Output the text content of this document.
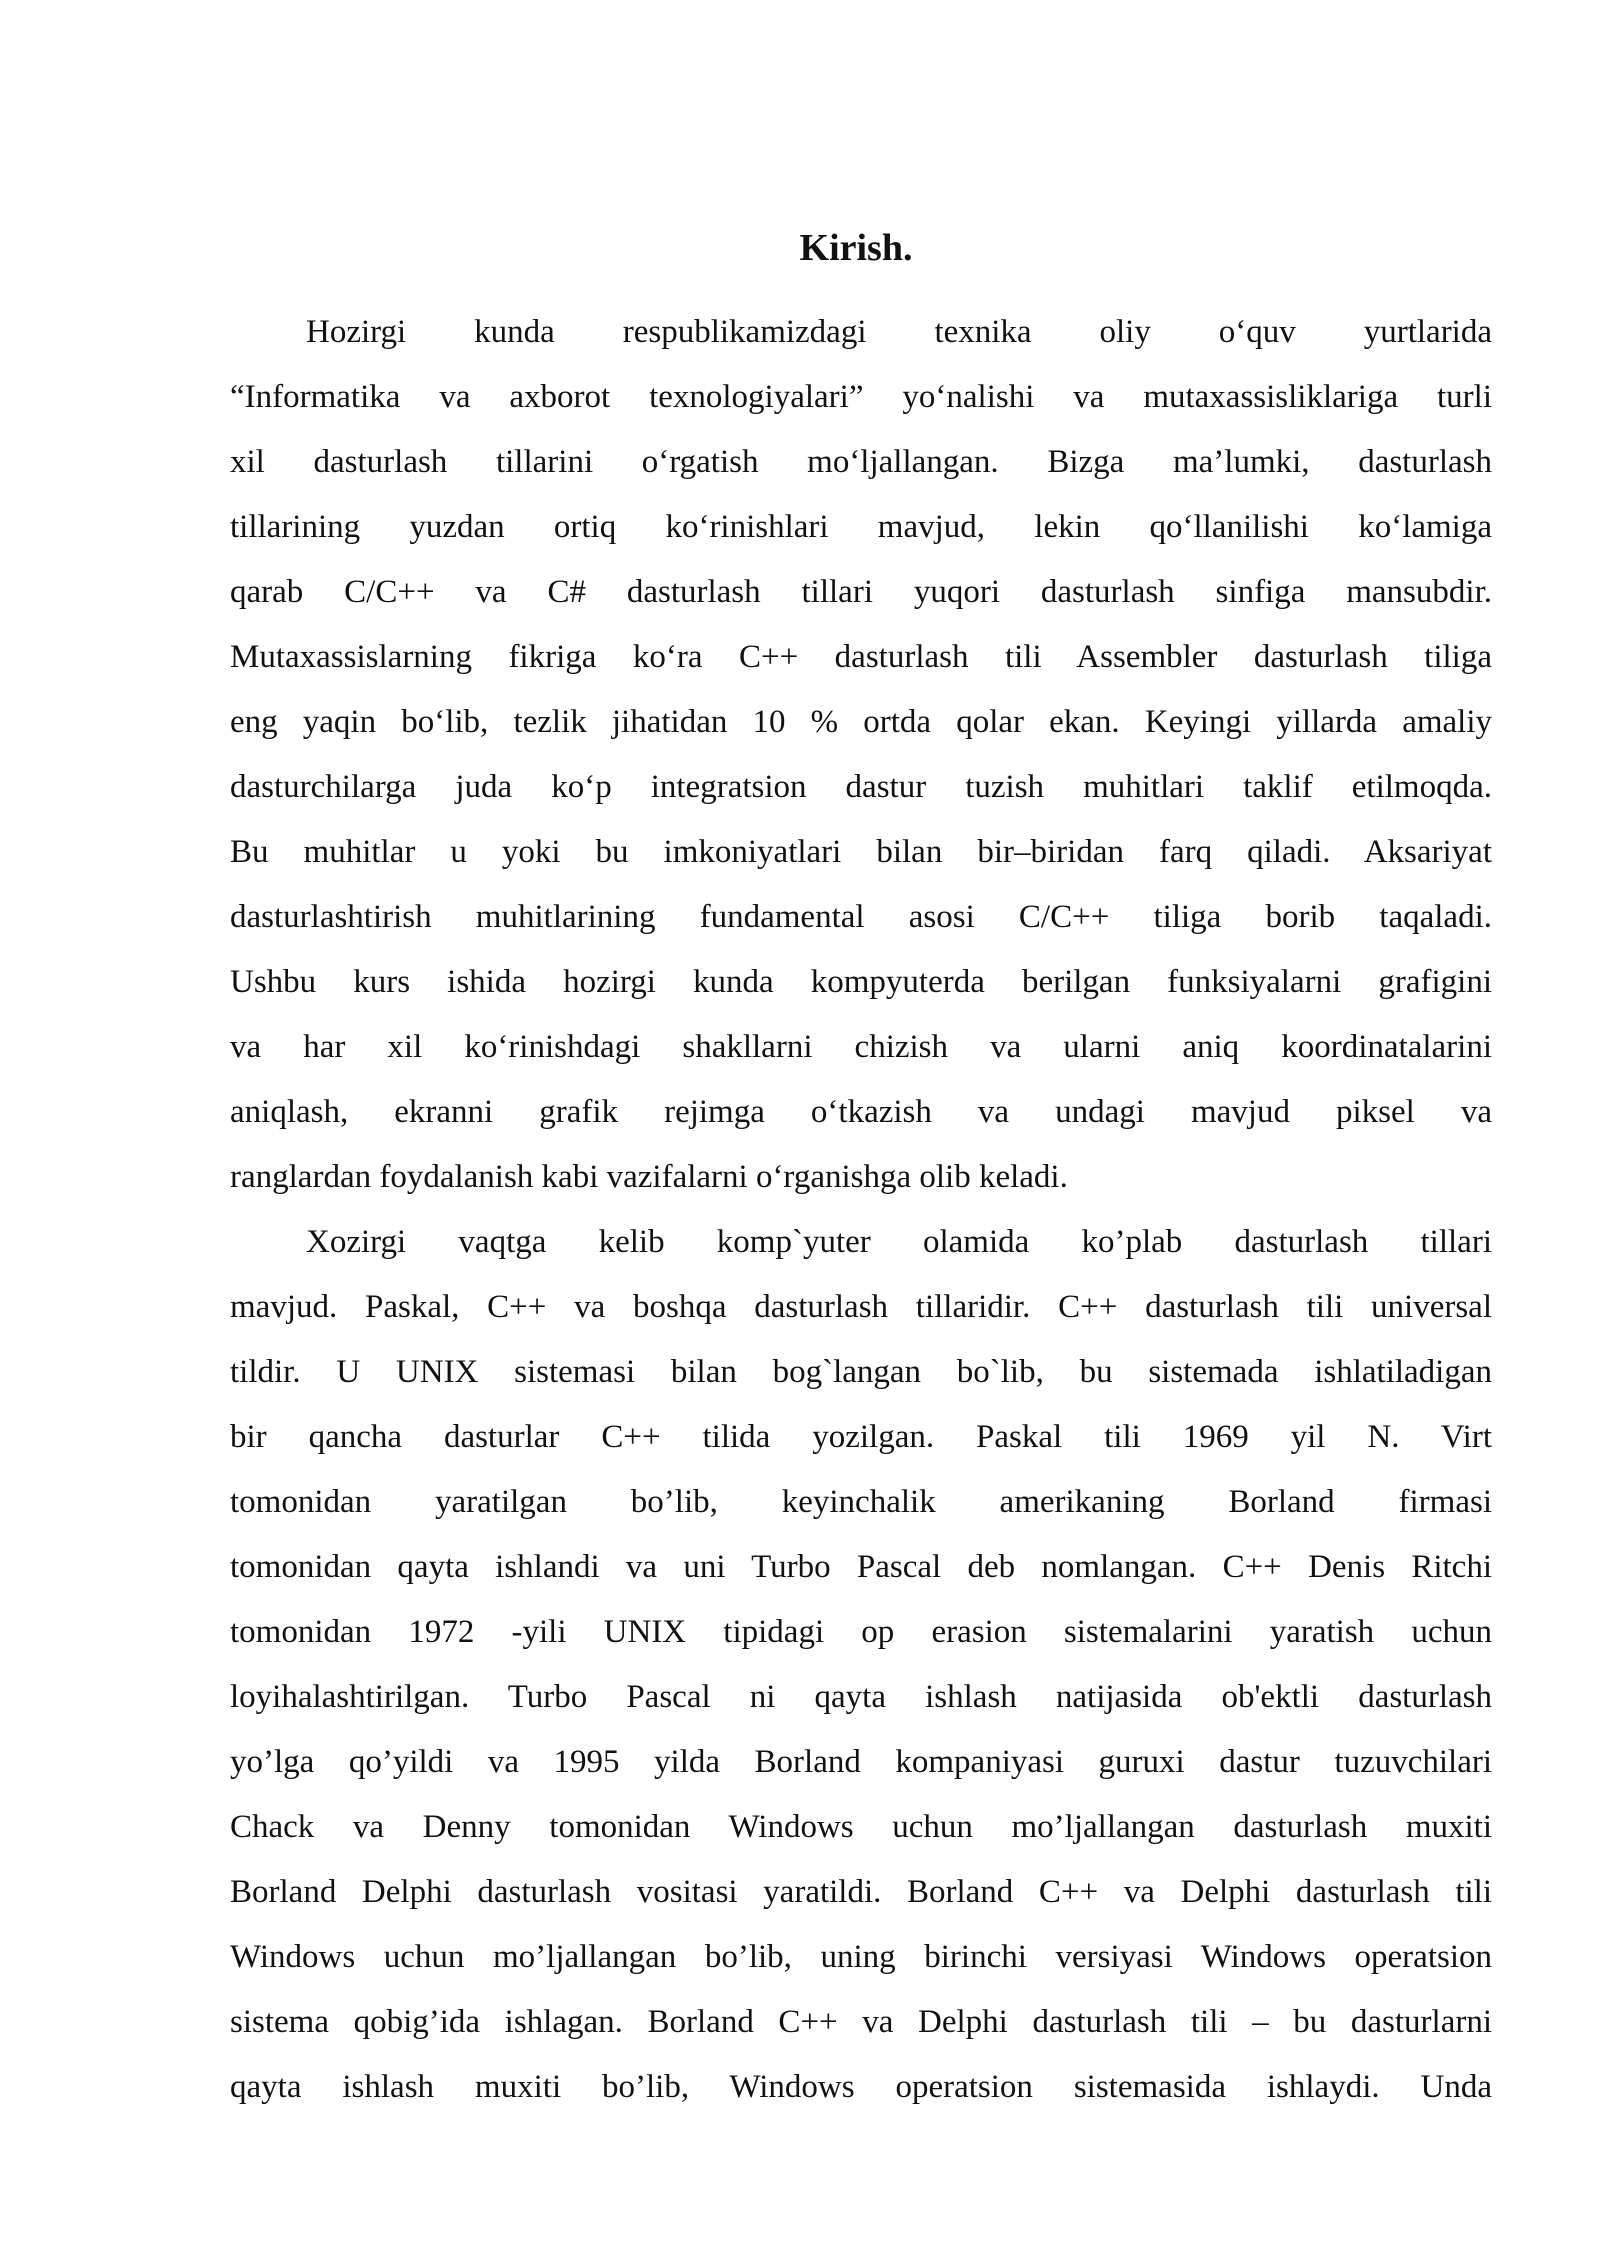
Kirish.
Hozirgi kunda respublikamizdagi texnika oliy o‘quv yurtlarida
“Informatika va axborot texnologiyalari” yo‘nalishi va mutaxassisliklariga turli
xil dasturlash tillarini o‘rgatish mo‘ljallangan. Bizga ma’lumki, dasturlash
tillarining yuzdan ortiq ko‘rinishlari mavjud, lekin qo‘llanilishi ko‘lamiga
qarab C/C++ va C# dasturlash tillari yuqori dasturlash sinfiga mansubdir.
Mutaxassislarning fikriga ko‘ra C++ dasturlash tili Assembler dasturlash tiliga
eng yaqin bo‘lib, tezlik jihatidan 10 % ortda qolar ekan. Keyingi yillarda amaliy
dasturchilarga juda ko‘p integratsion dastur tuzish muhitlari taklif etilmoqda.
Bu muhitlar u yoki bu imkoniyatlari bilan bir–biridan farq qiladi. Aksariyat
dasturlashtirish muhitlarining fundamental asosi C/C++ tiliga borib taqaladi.
Ushbu kurs ishida hozirgi kunda kompyuterda berilgan funksiyalarni grafigini
va har xil ko‘rinishdagi shakllarni chizish va ularni aniq koordinatalarini
aniqlash, ekranni grafik rejimga o‘tkazish va undagi mavjud piksel va
ranglardan foydalanish kabi vazifalarni o‘rganishga olib keladi.
Xozirgi vaqtga kelib komp`yuter olamida ko’plab dasturlash tillari
mavjud. Paskal, C++ va boshqa dasturlash tillaridir. C++ dasturlash tili universal
tildir. U UNIX sistemasi bilan bog`langan bo`lib, bu sistemada ishlatiladigan
bir qancha dasturlar C++ tilida yozilgan. Paskal tili 1969 yil N. Virt
tomonidan yaratilgan bo’lib, keyinchalik amerikaning Borland firmasi
tomonidan qayta ishlandi va uni Turbo Pascal deb nomlangan. C++ Denis Ritchi
tomonidan 1972 -yili UNIX tipidagi op erasion sistemalarini yaratish uchun
loyihalashtirilgan. Turbo Pascal ni qayta ishlash natijasida ob'ektli dasturlash
yo’lga qo’yildi va 1995 yilda Borland kompaniyasi guruxi dastur tuzuvchilari
Chack va Denny tomonidan Windows uchun mo’ljallangan dasturlash muxiti
Borland Delphi dasturlash vositasi yaratildi. Borland C++ va Delphi dasturlash tili
Windows uchun mo’ljallangan bo’lib, uning birinchi versiyasi Windows operatsion
sistema qobig’ida ishlagan. Borland C++ va Delphi dasturlash tili – bu dasturlarni
qayta ishlash muxiti bo’lib, Windows operatsion sistemasida ishlaydi. Unda
